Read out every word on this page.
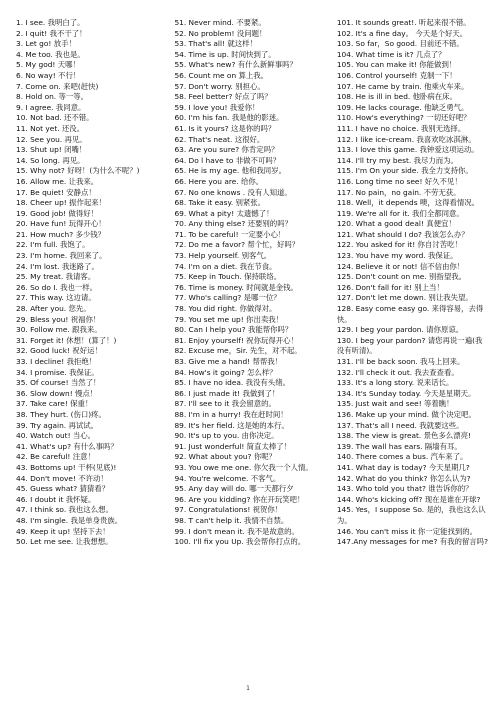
1. I see. 我明白了。
2. I quit! 我不干了！
3. Let go! 放手！
4. Me too. 我也是。
5. My god! 天哪！
6. No way! 不行！
7. Come on. 来吧(赶快)
8. Hold on. 等一等。
9. I agree. 我同意。
10. Not bad. 还不错。
11. Not yet. 还没。
12. See you. 再见。
13. Shut up! 闭嘴！
14. So long. 再见。
15. Why not? 好呀！(为什么不呢？)
16. Allow me. 让我来。
17. Be quiet! 安静点！
18. Cheer up! 振作起来！
19. Good job! 做得好！
20. Have fun! 玩得开心！
21. How much? 多少钱？
22. I'm full. 我饱了。
23. I'm home. 我回来了。
24. I'm lost. 我迷路了。
25. My treat. 我请客。
26. So do I. 我也一样。
27. This way. 这边请。
28. After you. 您先。
29. Bless you! 祝福你！
30. Follow me. 跟我来。
31. Forget it! 休想！(算了！)
32. Good luck! 祝好运！
33. I decline! 我拒绝！
34. I promise. 我保证。
35. Of course! 当然了！
36. Slow down! 慢点！
37. Take care! 保重！
38. They hurt. (伤口)疼。
39. Try again. 再试试。
40. Watch out! 当心。
41. What's up? 有什么事吗？
42. Be careful! 注意！
43. Bottoms up! 干杯(见底)!
44. Don't move! 不许动！
45. Guess what? 猜猜看？
46. I doubt it 我怀疑。
47. I think so. 我也这么想。
48. I'm single. 我是单身贵族。
49. Keep it up! 坚持下去！
50. Let me see. 让我想想。
51. Never mind. 不要紧。
52. No problem! 没问题！
53. That's all! 就这样！
54. Time is up. 时间快到了。
55. What's new? 有什么新鲜事吗？
56. Count me on 算上我。
57. Don't worry. 别担心。
58. Feel better? 好点了吗？
59. I love you! 我爱你！
60. I'm his fan. 我是他的影迷。
61. Is it yours? 这是你的吗？
62. That's neat. 这很好。
63. Are you sure? 你肯定吗？
64. Do l have to 非做不可吗？
65. He is my age. 他和我同岁。
66. Here you are. 给你。
67. No one knows . 没有人知道。
68. Take it easy. 别紧张。
69. What a pity! 太遗憾了！
70. Any thing else? 还要别的吗？
71. To be careful! 一定要小心！
72. Do me a favor? 帮个忙，好吗？
73. Help yourself. 别客气。
74. I'm on a diet. 我在节食。
75. Keep in Touch. 保持联络。
76. Time is money. 时间就是金钱。
77. Who's calling? 是哪一位？
78. You did right. 你做得对。
79. You set me up! 你出卖我！
80. Can I help you? 我能帮你吗？
81. Enjoy yourself! 祝你玩得开心！
82. Excuse me，Sir. 先生，对不起。
83. Give me a hand! 帮帮我！
84. How's it going? 怎么样？
85. I have no idea. 我没有头绪。
86. I just made it! 我做到了！
87. I'll see to it 我会留意的。
88. I'm in a hurry! 我在赶时间！
89. It's her field. 这是她的本行。
90. It's up to you. 由你决定。
91. Just wonderful! 简直太棒了！
92. What about you? 你呢？
93. You owe me one. 你欠我一个人情。
94. You're welcome. 不客气。
95. Any day will do. 哪一天都行夕
96. Are you kidding? 你在开玩笑吧！
97. Congratulations! 祝贺你！
98. T can't help it. 我情不自禁。
99. I don't mean it. 我不是故意的。
100. I'll fix you Up. 我会帮你打点的。
101. It sounds great!. 听起来很不错。
102. It's a fine day。 今天是个好天。
103. So far，So good. 目前还不错。
104. What time is it? 几点了？
105. You can make it! 你能做到！
106. Control yourself! 克制一下！
107. He came by train. 他乘火车来。
108. He is ill in bed. 他卧病在床。
109. He lacks courage. 他缺乏勇气。
110. How's everything? 一切还好吧？
111. I have no choice. 我别无选择。
112. I like ice-cream. 我喜欢吃冰淇淋。
113. I love this game. 我钟爱这项运动。
114. I'll try my best. 我尽力而为。
115. I'm On your side. 我全力支持你。
116. Long time no see! 好久不见！
117. No pain，no gain. 不劳无获。
118. Well，it depends 噢，这得看情况。
119. We're all for it. 我们全都同意。
120. What a good deal! 真便宜！
121. What should I do? 我该怎么办？
122. You asked for it! 你自讨苦吃！
123. You have my word. 我保证。
124. Believe it or not! 信不信由你！
125. Don't count on me. 别指望我。
126. Don't fall for it! 别上当！
127. Don't let me down. 别让我失望。
128. Easy come easy go. 来得容易，去得快。
129. I beg your pardon. 请你原谅。
130. I beg your pardon? 请您再说一遍(我没有听清)。
131. I'll be back soon. 我马上回来。
132. I'll check it out. 我去查查看。
133. It's a long story. 说来话长。
134. It's Sunday today. 今天是星期天。
135. Just wait and see! 等着瞧！
136. Make up your mind. 做个决定吧。
137. That's all I need. 我就要这些。
138. The view is great. 景色多么漂亮!
139. The wall has ears. 隔墙有耳。
140. There comes a bus. 汽车来了。
141. What day is today? 今天星期几?
142. What do you think? 你怎么认为?
143. Who told you that? 谁告诉你的？
144. Who's kicking off? 现在是谁在开球?
145. Yes，I suppose So. 是的，我也这么认为。
146. You can't miss it 你一定能找到的。
147.Any messages for me? 有我的留言吗?
1
